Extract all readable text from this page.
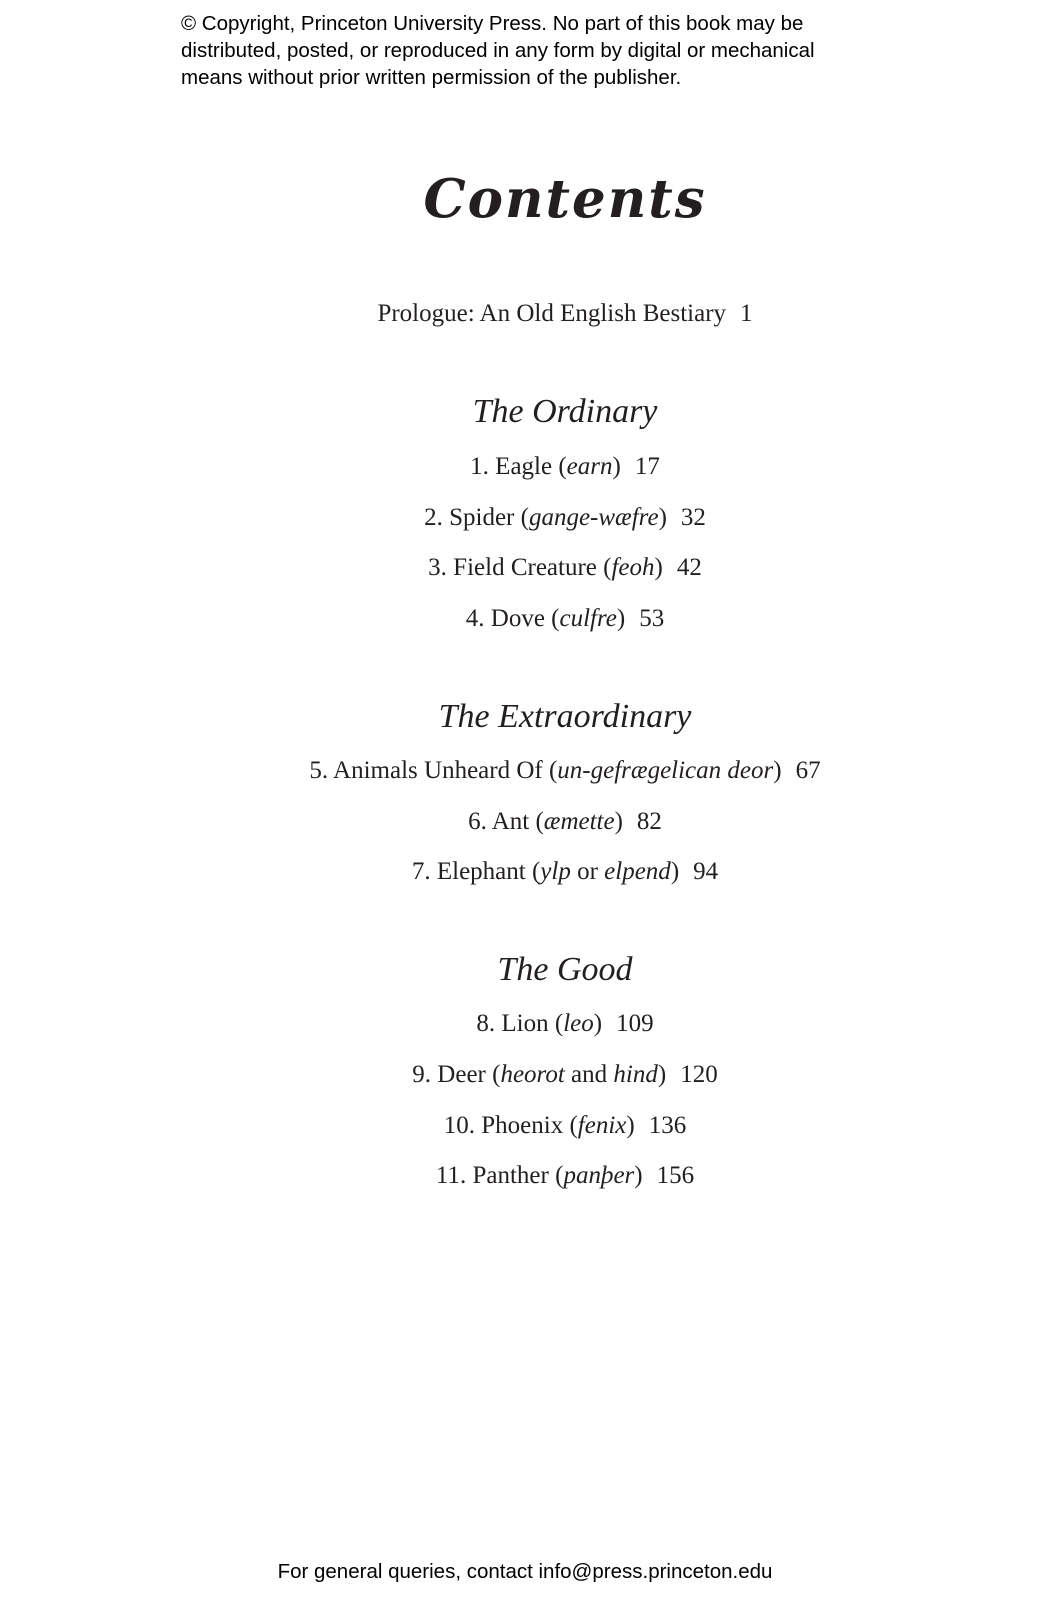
© Copyright, Princeton University Press. No part of this book may be
distributed, posted, or reproduced in any form by digital or mechanical
means without prior written permission of the publisher.
Contents
Prologue: An Old English Bestiary 1
The Ordinary
1. Eagle (earn) 17
2. Spider (gange-wæfre) 32
3. Field Creature (feoh) 42
4. Dove (culfre) 53
The Extraordinary
5. Animals Unheard Of (un-gefrægelican deor) 67
6. Ant (æmette) 82
7. Elephant (ylp or elpend) 94
The Good
8. Lion (leo) 109
9. Deer (heorot and hind) 120
10. Phoenix (fenix) 136
11. Panther (panþer) 156
For general queries, contact info@press.princeton.edu
